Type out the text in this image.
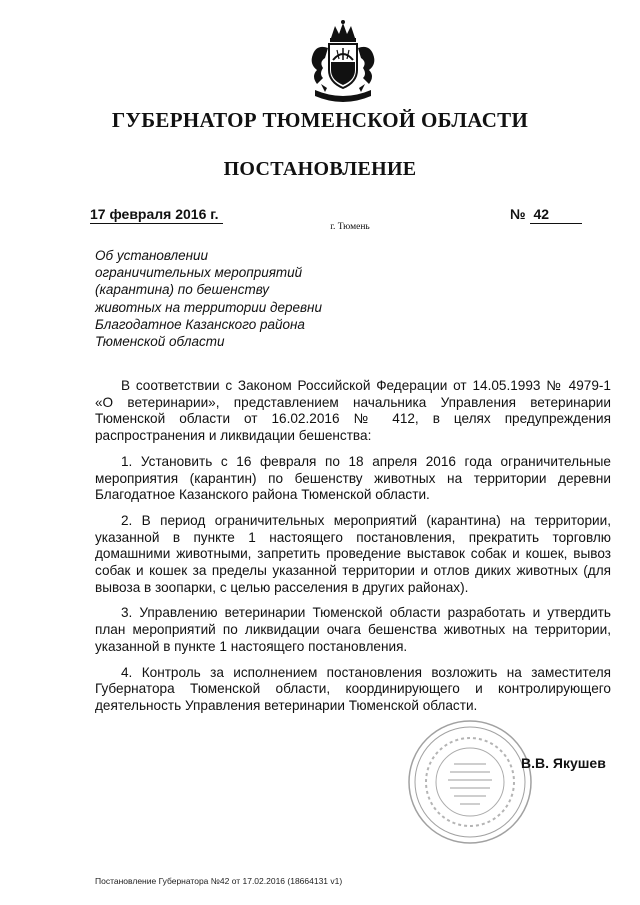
ГУБЕРНАТОР ТЮМЕНСКОЙ ОБЛАСТИ
ПОСТАНОВЛЕНИЕ
17 февраля 2016 г.	№ 42
г. Тюмень
Об установлении
ограничительных мероприятий
(карантина) по бешенству
животных на территории деревни
Благодатное Казанского района
Тюменской области

В соответствии с Законом Российской Федерации от 14.05.1993 № 4979-1 «О ветеринарии», представлением начальника Управления ветеринарии Тюменской области от 16.02.2016 № 412, в целях предупреждения распространения и ликвидации бешенства:

1. Установить с 16 февраля по 18 апреля 2016 года ограничительные мероприятия (карантин) по бешенству животных на территории деревни Благодатное Казанского района Тюменской области.

2. В период ограничительных мероприятий (карантина) на территории, указанной в пункте 1 настоящего постановления, прекратить торговлю домашними животными, запретить проведение выставок собак и кошек, вывоз собак и кошек за пределы указанной территории и отлов диких животных (для вывоза в зоопарки, с целью расселения в других районах).

3. Управлению ветеринарии Тюменской области разработать и утвердить план мероприятий по ликвидации очага бешенства животных на территории, указанной в пункте 1 настоящего постановления.

4. Контроль за исполнением постановления возложить на заместителя Губернатора Тюменской области, координирующего и контролирующего деятельность Управления ветеринарии Тюменской области.

В.В. Якушев
Постановление Губернатора №42 от 17.02.2016 (18664131 v1)
